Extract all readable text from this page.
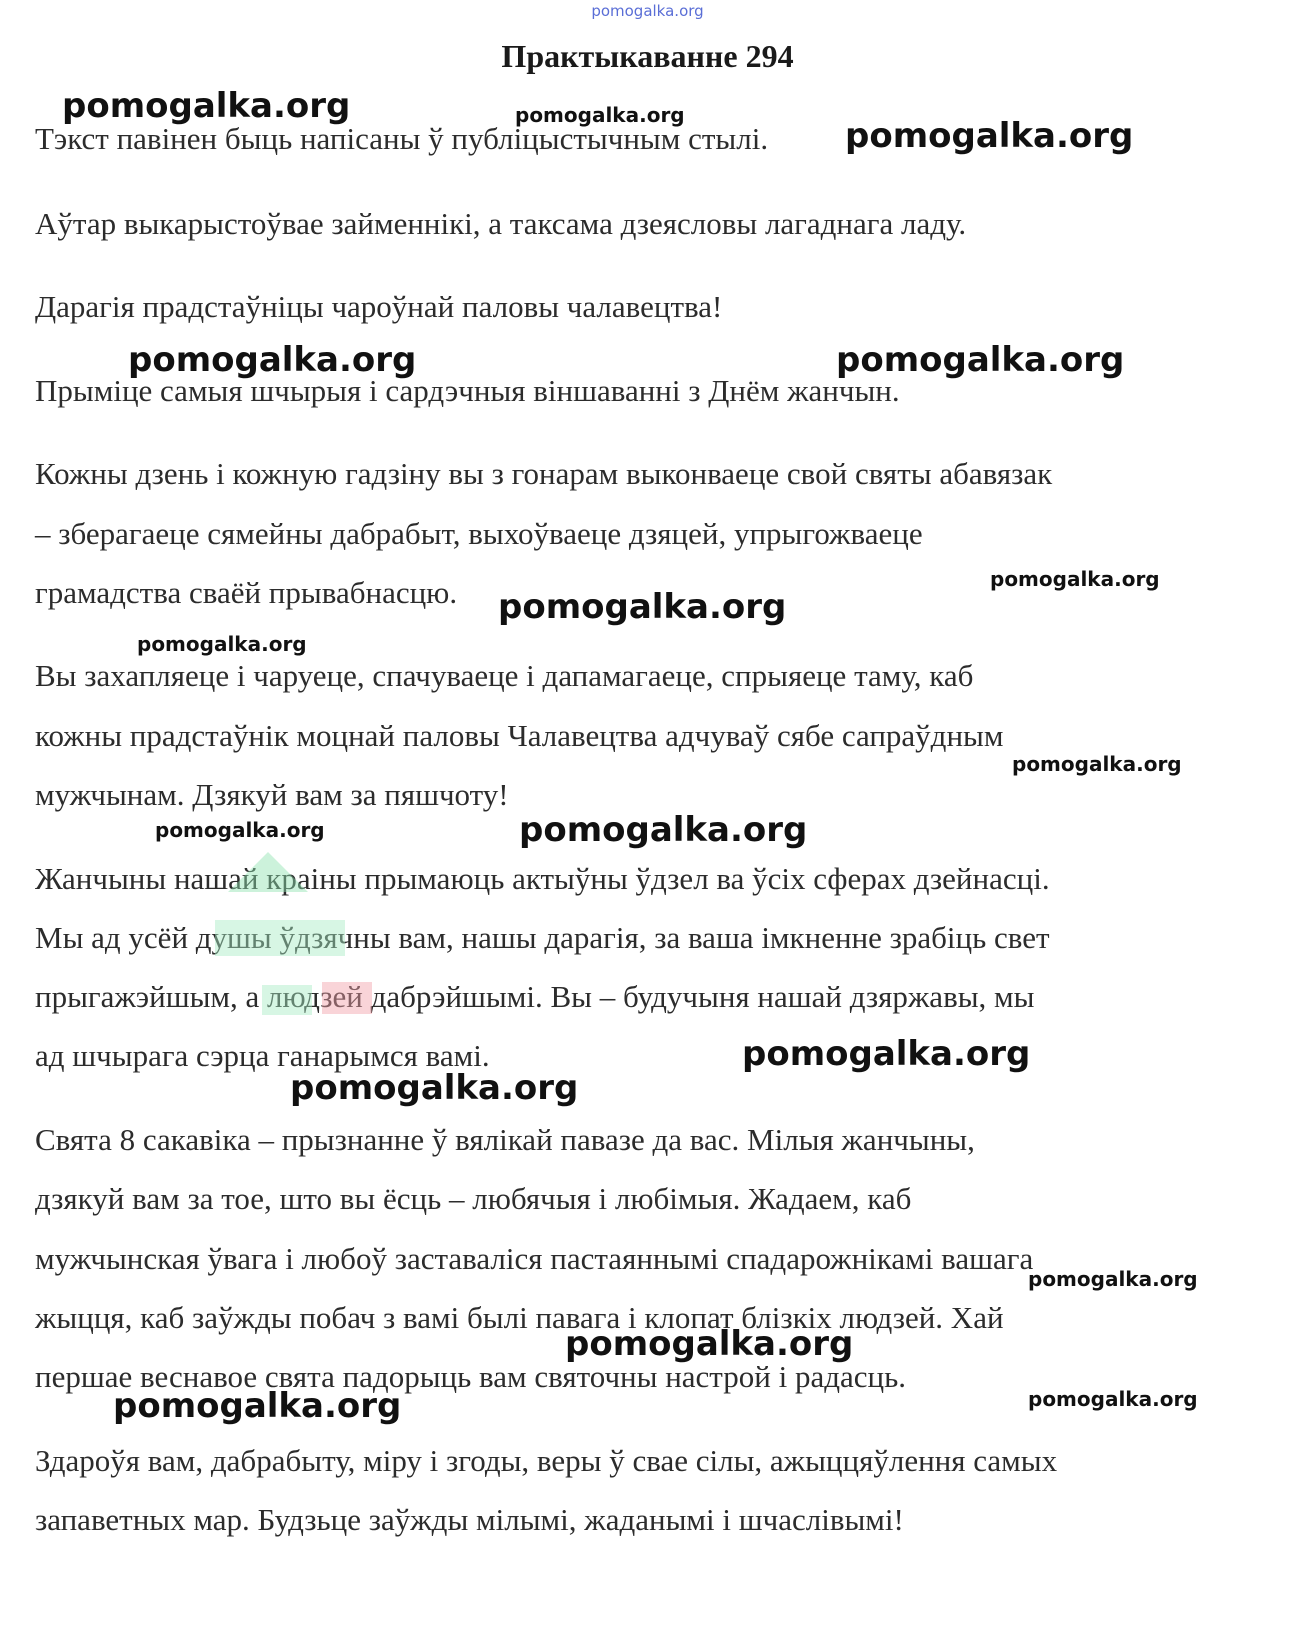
pomogalka.org
Практыкаванне 294
Тэкст павінен быць напісаны ў публіцыстычным стылі.
Аўтар выкарыстоўвае займеннікі, а таксама дзеясловы лагаднага ладу.
Дарагія прадстаўніцы чароўнай паловы чалавецтва!
Прыміце самыя шчырыя і сардэчныя віншаванні з Днём жанчын.
Кожны дзень і кожную гадзіну вы з гонарам выконваеце свой святы абавязак
– зберагаеце сямейны дабрабыт, выхоўваеце дзяцей, упрыгожваеце
грамадства сваёй прывабнасцю.
Вы захапляеце і чаруеце, спачуваеце і дапамагаеце, спрыяеце таму, каб
кожны прадстаўнік моцнай паловы Чалавецтва адчуваў сябе сапраўдным
мужчынам. Дзякуй вам за пяшчоту!
Жанчыны нашай краіны прымаюць актыўны ўдзел ва ўсіх сферах дзейнасці.
Мы ад усёй душы ўдзячны вам, нашы дарагія, за ваша імкненне зрабіць свет
прыгажэйшым, а людзей дабрэйшымі. Вы – будучыня нашай дзяржавы, мы
ад шчырага сэрца ганарымся вамі.
Свята 8 сакавіка – прызнанне ў вялікай павазе да вас. Мілыя жанчыны,
дзякуй вам за тое, што вы ёсць – любячыя і любімыя. Жадаем, каб
мужчынская ўвага і любоў заставаліся пастаяннымі спадарожнікамі вашага
жыцця, каб заўжды побач з вамі былі павага і клопат блізкіх людзей. Хай
першае веснавое свята падорыць вам святочны настрой і радасць.
Здароўя вам, дабрабыту, міру і згоды, веры ў свае сілы, ажыццяўлення самых
запаветных мар. Будзьце заўжды мілымі, жаданымі і шчаслівымі!
pomogalka.org	pomogalka.org
pomogalka.org
pomogalka.org	pomogalka.org
pomogalka.org
pomogalka.org
pomogalka.org
pomogalka.org
pomogalka.org	pomogalka.org
pomogalka.org
pomogalka.org
pomogalka.org
pomogalka.org
pomogalka.org
pomogalka.org
